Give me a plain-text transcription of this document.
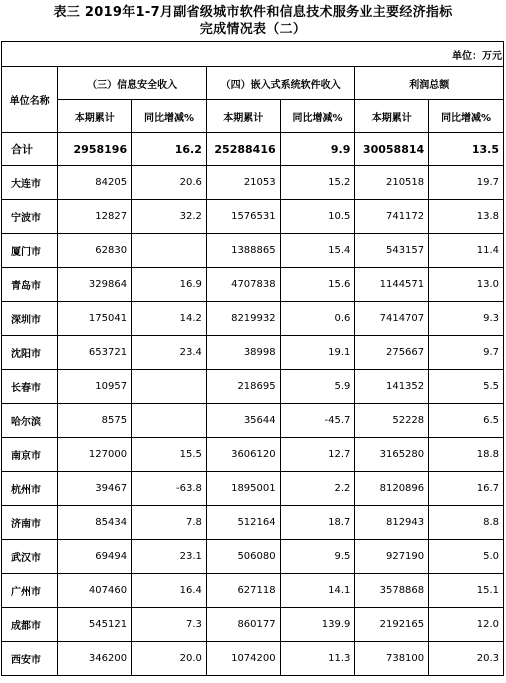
表三 2019年1-7月副省级城市软件和信息技术服务业主要经济指标
完成情况表（二）
单位：万元
单位名称	（三）信息安全收入		（四）嵌入式系统软件收入		利润总额	
	本期累计	同比增减%	本期累计	同比增减%	本期累计	同比增减%
合计	2958196	16.2	25288416	9.9	30058814	13.5
大连市	84205	20.6	21053	15.2	210518	19.7
宁波市	12827	32.2	1576531	10.5	741172	13.8
厦门市	62830		1388865	15.4	543157	11.4
青岛市	329864	16.9	4707838	15.6	1144571	13.0
深圳市	175041	14.2	8219932	0.6	7414707	9.3
沈阳市	653721	23.4	38998	19.1	275667	9.7
长春市	10957		218695	5.9	141352	5.5
哈尔滨	8575		35644	-45.7	52228	6.5
南京市	127000	15.5	3606120	12.7	3165280	18.8
杭州市	39467	-63.8	1895001	2.2	8120896	16.7
济南市	85434	7.8	512164	18.7	812943	8.8
武汉市	69494	23.1	506080	9.5	927190	5.0
广州市	407460	16.4	627118	14.1	3578868	15.1
成都市	545121	7.3	860177	139.9	2192165	12.0
西安市	346200	20.0	1074200	11.3	738100	20.3
